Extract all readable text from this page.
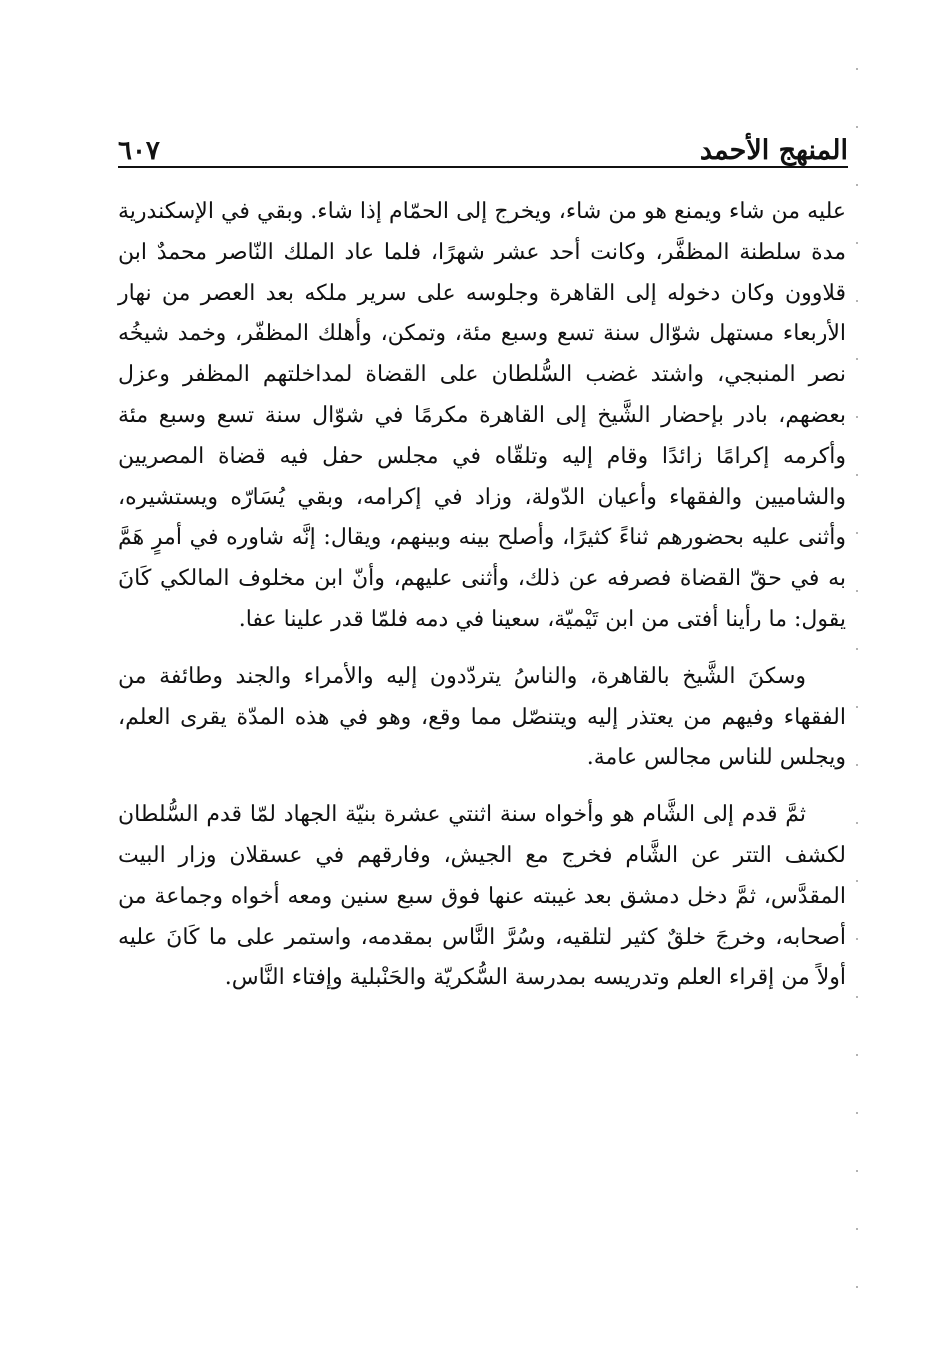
المنهج الأحمد
٦٠٧

عليه من شاء ويمنع هو من شاء، ويخرج إلى الحمّام إذا شاء. وبقي في الإسكندرية مدة سلطنة المظفَّر، وكانت أحد عشر شهرًا، فلما عاد الملك النّاصر محمدٌ ابن قلاوون وكان دخوله إلى القاهرة وجلوسه على سرير ملكه بعد العصر من نهار الأربعاء مستهل شوّال سنة تسع وسبع مئة، وتمكن، وأهلك المظفّر، وخمد شيخُه نصر المنبجي، واشتد غضب السُّلطان على القضاة لمداخلتهم المظفر وعزل بعضهم، بادر بإحضار الشَّيخ إلى القاهرة مكرمًا في شوّال سنة تسع وسبع مئة وأكرمه إكرامًا زائدًا وقام إليه وتلقّاه في مجلس حفل فيه قضاة المصريين والشاميين والفقهاء وأعيان الدّولة، وزاد في إكرامه، وبقي يُسَارّه ويستشيره، وأثنى عليه بحضورهم ثناءً كثيرًا، وأصلح بينه وبينهم، ويقال: إنَّه شاوره في أمرٍ هَمَّ به في حقّ القضاة فصرفه عن ذلك، وأثنى عليهم، وأنّ ابن مخلوف المالكي كَانَ يقول: ما رأينا أفتى من ابن تَيْميّة، سعينا في دمه فلمّا قدر علينا عفا.

وسكنَ الشَّيخ بالقاهرة، والناسُ يتردّدون إليه والأمراء والجند وطائفة من الفقهاء وفيهم من يعتذر إليه ويتنصّل مما وقع، وهو في هذه المدّة يقرى العلم، ويجلس للناس مجالس عامة.

ثمَّ قدم إلى الشَّام هو وأخواه سنة اثنتي عشرة بنيّة الجهاد لمّا قدم السُّلطان لكشف التتر عن الشَّام فخرج مع الجيش، وفارقهم في عسقلان وزار البيت المقدَّس، ثمَّ دخل دمشق بعد غيبته عنها فوق سبع سنين ومعه أخواه وجماعة من أصحابه، وخرجَ خلقٌ كثير لتلقيه، وسُرَّ النَّاس بمقدمه، واستمر على ما كَانَ عليه أولاً من إقراء العلم وتدريسه بمدرسة السُّكريّة والحَنْبلية وإفتاء النَّاس.
